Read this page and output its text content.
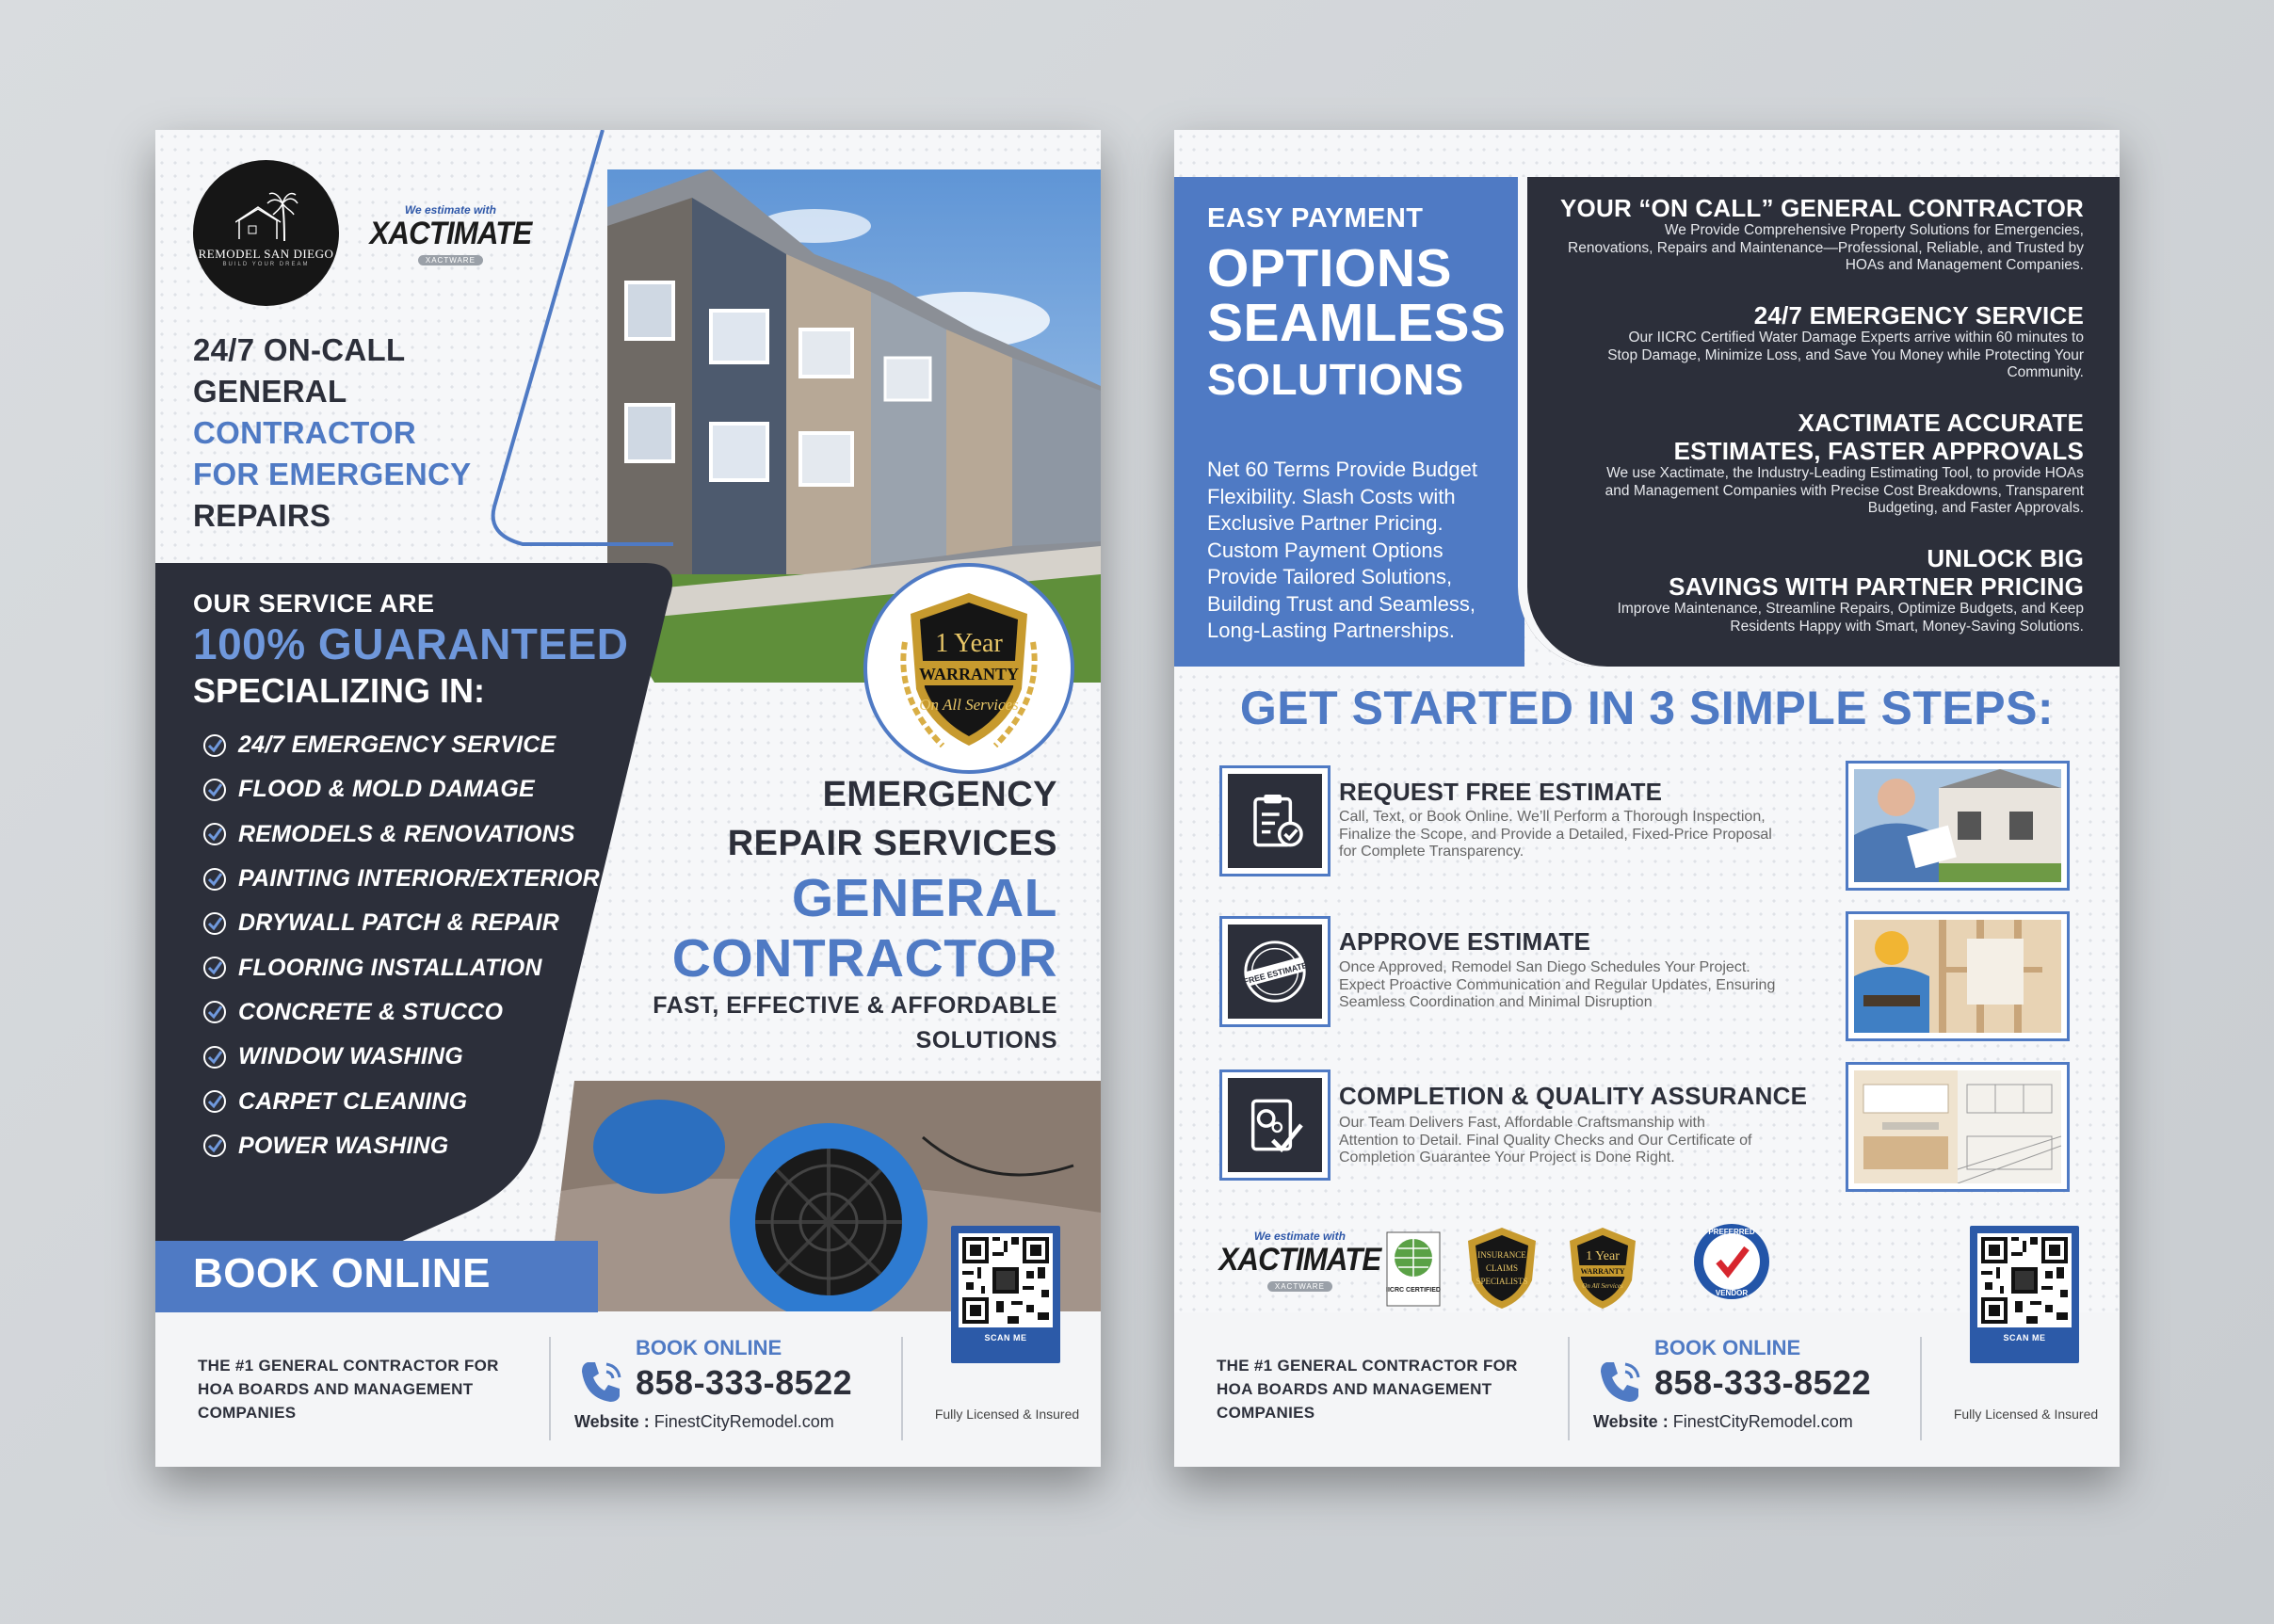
REMODEL SAN DIEGO
BUILD YOUR DREAM
We estimate with
XACTIMATE
XACTWARE
24/7 ON-CALL
GENERAL
CONTRACTOR
FOR EMERGENCY
REPAIRS
OUR SERVICE ARE
100% GUARANTEED
SPECIALIZING IN:
24/7 EMERGENCY SERVICE
FLOOD & MOLD DAMAGE
REMODELS & RENOVATIONS
PAINTING INTERIOR/EXTERIOR
DRYWALL PATCH & REPAIR
FLOORING INSTALLATION
CONCRETE & STUCCO
WINDOW WASHING
CARPET CLEANING
POWER WASHING
1 Year
WARRANTY
On All Services
EMERGENCY
REPAIR SERVICES
GENERAL
CONTRACTOR
FAST, EFFECTIVE & AFFORDABLE
SOLUTIONS
BOOK ONLINE
THE #1 GENERAL CONTRACTOR FOR HOA BOARDS AND MANAGEMENT COMPANIES
BOOK ONLINE
858-333-8522
Website : FinestCityRemodel.com
SCAN ME
Fully Licensed & Insured
EASY PAYMENT
OPTIONS
SEAMLESS
SOLUTIONS
Net 60 Terms Provide Budget Flexibility. Slash Costs with Exclusive Partner Pricing. Custom Payment Options Provide Tailored Solutions, Building Trust and Seamless, Long-Lasting Partnerships.
YOUR “ON CALL” GENERAL CONTRACTOR
We Provide Comprehensive Property Solutions for Emergencies,
Renovations, Repairs and Maintenance—Professional, Reliable, and Trusted by
HOAs and Management Companies.
24/7 EMERGENCY SERVICE
Our IICRC Certified Water Damage Experts arrive within 60 minutes to
Stop Damage, Minimize Loss, and Save You Money while Protecting Your
Community.
XACTIMATE ACCURATE
ESTIMATES, FASTER APPROVALS
We use Xactimate, the Industry-Leading Estimating Tool, to provide HOAs
and Management Companies with Precise Cost Breakdowns, Transparent
Budgeting, and Faster Approvals.
UNLOCK BIG
SAVINGS WITH PARTNER PRICING
Improve Maintenance, Streamline Repairs, Optimize Budgets, and Keep
Residents Happy with Smart, Money-Saving Solutions.
GET STARTED IN 3 SIMPLE STEPS:
REQUEST FREE ESTIMATE
Call, Text, or Book Online. We’ll Perform a Thorough Inspection,
Finalize the Scope, and Provide a Detailed, Fixed-Price Proposal
for Complete Transparency.
FREE ESTIMATE
APPROVE ESTIMATE
Once Approved, Remodel San Diego Schedules Your Project.
Expect Proactive Communication and Regular Updates, Ensuring
Seamless Coordination and Minimal Disruption
COMPLETION & QUALITY ASSURANCE
Our Team Delivers Fast, Affordable Craftsmanship with
Attention to Detail. Final Quality Checks and Our Certificate of
Completion Guarantee Your Project is Done Right.
We estimate with
XACTIMATE
XACTWARE	IICRC CERTIFIED
INSURANCE
CLAIMS
SPECIALISTS
1 Year
WARRANTY
On All Services
PREFERRED
VENDOR
THE #1 GENERAL CONTRACTOR FOR HOA BOARDS AND MANAGEMENT COMPANIES
BOOK ONLINE
858-333-8522
Website : FinestCityRemodel.com
SCAN ME
Fully Licensed & Insured
